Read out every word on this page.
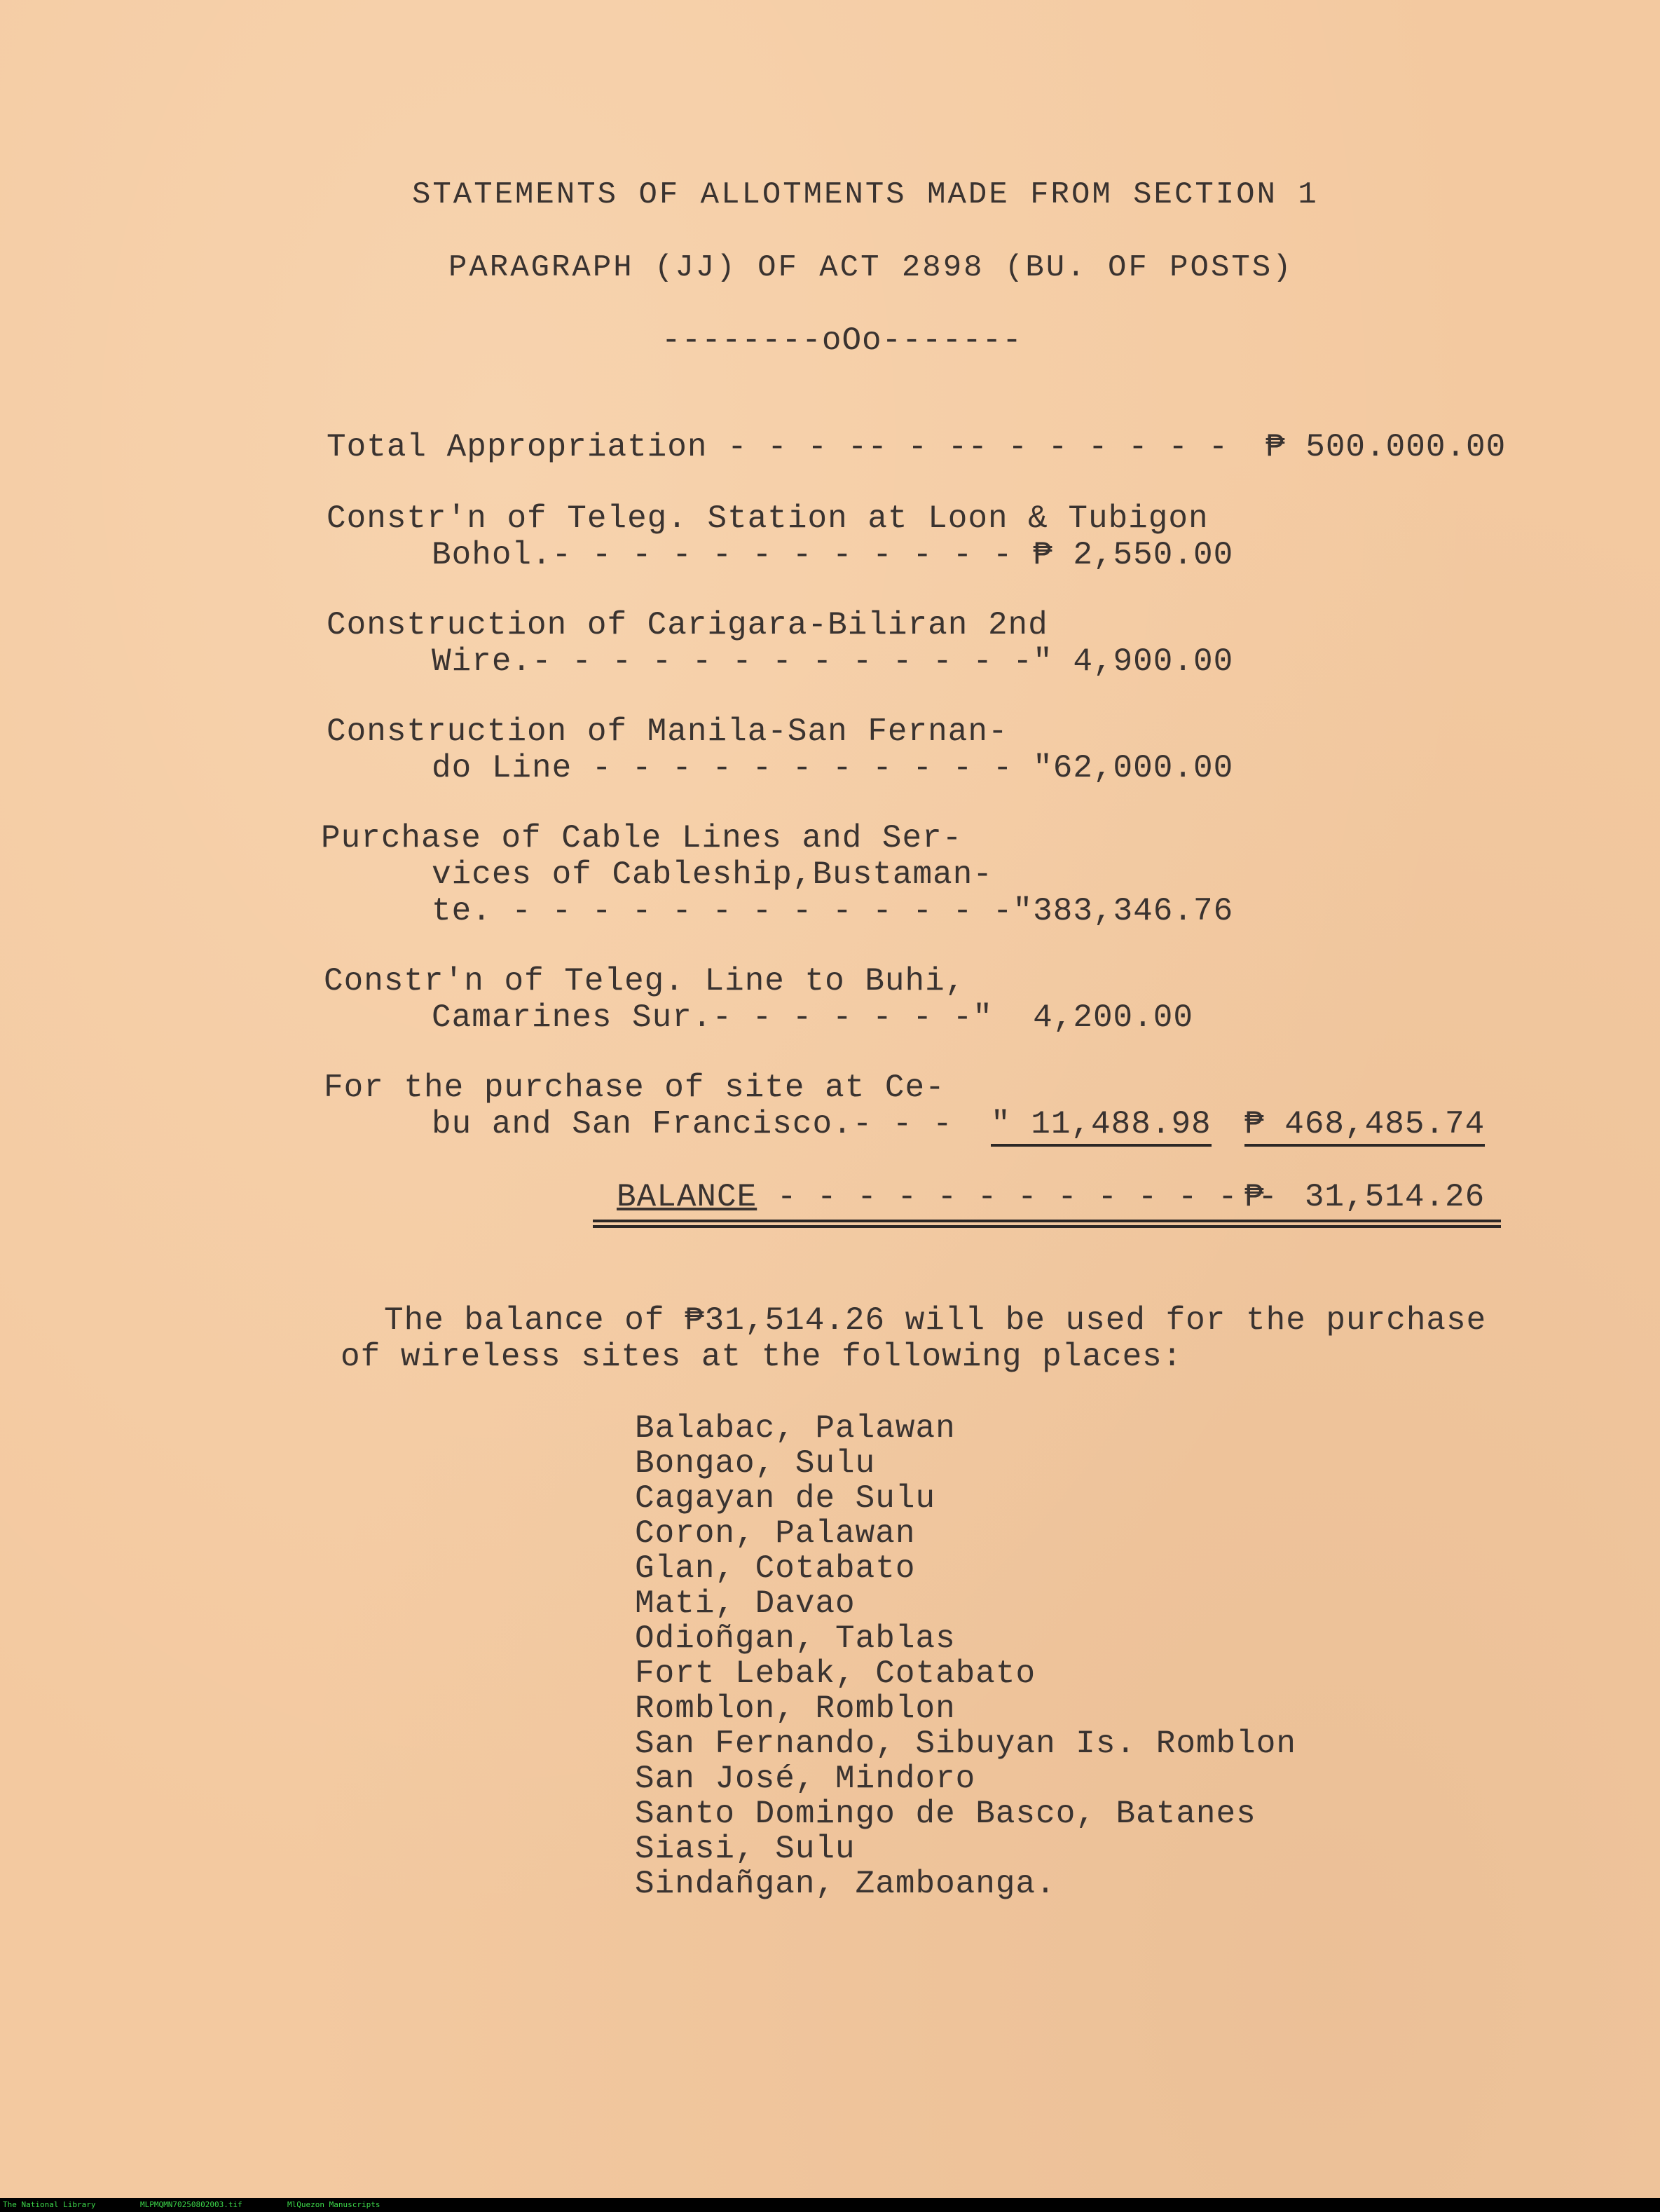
STATEMENTS OF ALLOTMENTS MADE FROM SECTION 1
PARAGRAPH (JJ) OF ACT 2898 (BU. OF POSTS)
--------oOo-------
Total Appropriation - - - -- - -- - - - - - - ₱ 500.000.00
Constr'n of Teleg. Station at Loon & Tubigon
Bohol.- - - - - - - - - - - - ₱ 2,550.00
Construction of Carigara-Biliran 2nd
Wire.- - - - - - - - - - - - -" 4,900.00
Construction of Manila-San Fernan-
do Line - - - - - - - - - - - "62,000.00
Purchase of Cable Lines and Ser-
vices of Cableship,Bustaman-
te. - - - - - - - - - - - - -"383,346.76
Constr'n of Teleg. Line to Buhi,
Camarines Sur.- - - - - - -"  4,200.00
For the purchase of site at Ce-
bu and San Francisco.- - - " 11,488.98 ₱ 468,485.74
BALANCE - - - - - - - - - - - - -
₱  31,514.26
The balance of ₱31,514.26 will be used for the purchase
of wireless sites at the following places:
Balabac, Palawan
Bongao, Sulu
Cagayan de Sulu
Coron, Palawan
Glan, Cotabato
Mati, Davao
Odioñgan, Tablas
Fort Lebak, Cotabato
Romblon, Romblon
San Fernando, Sibuyan Is. Romblon
San José, Mindoro
Santo Domingo de Basco, Batanes
Siasi, Sulu
Sindañgan, Zamboanga.
The National Library	MLPMQMN70250802003.tif	MlQuezon Manuscripts
